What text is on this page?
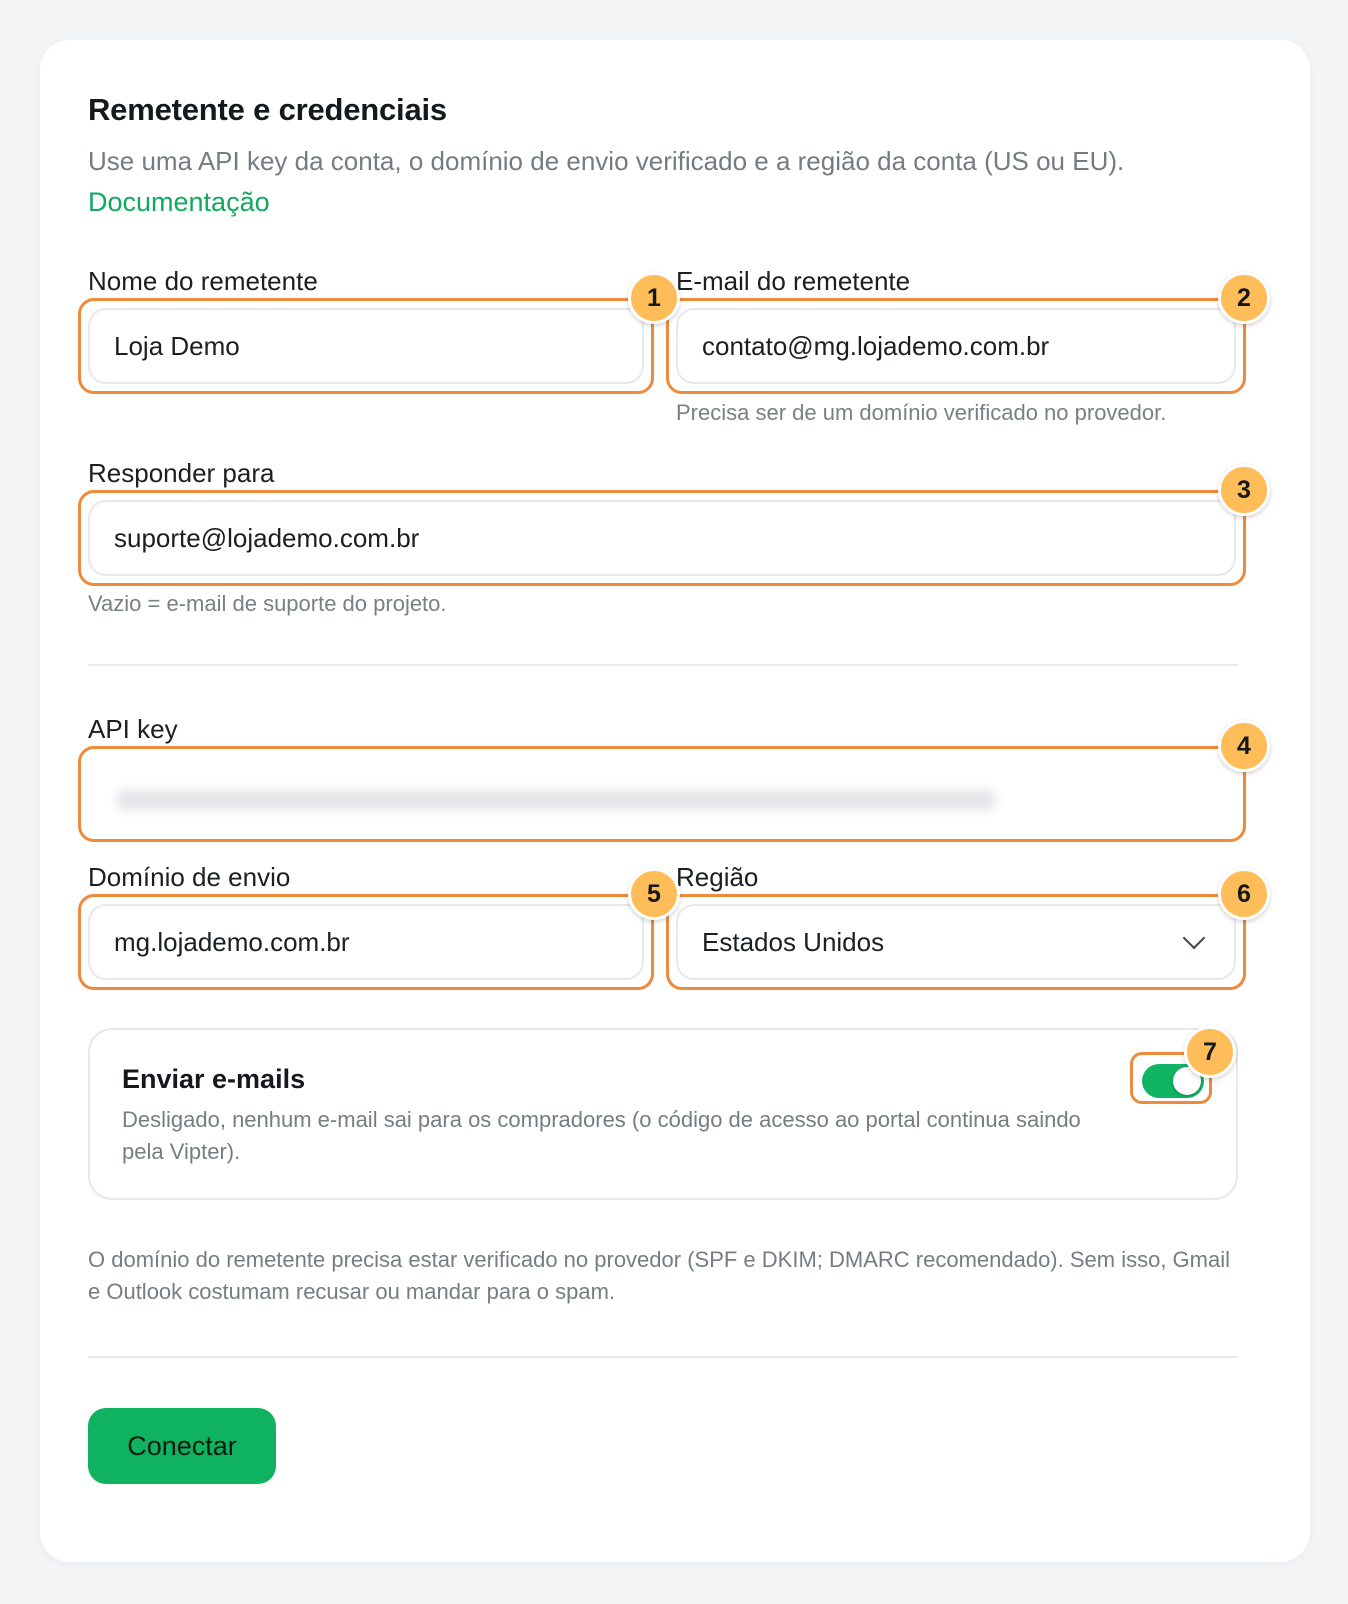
Remetente e credenciais
Use uma API key da conta, o domínio de envio verificado e a região da conta (US ou EU).
Documentação
Nome do remetente
Loja Demo
E-mail do remetente
contato@mg.lojademo.com.br
Precisa ser de um domínio verificado no provedor.
Responder para
suporte@lojademo.com.br
Vazio = e-mail de suporte do projeto.
API key
Domínio de envio
mg.lojademo.com.br
Região
Estados Unidos
Enviar e-mails
Desligado, nenhum e-mail sai para os compradores (o código de acesso ao portal continua saindo pela Vipter).
O domínio do remetente precisa estar verificado no provedor (SPF e DKIM; DMARC recomendado). Sem isso, Gmail e Outlook costumam recusar ou mandar para o spam.
Conectar
1	2
3
4
5	6
7
